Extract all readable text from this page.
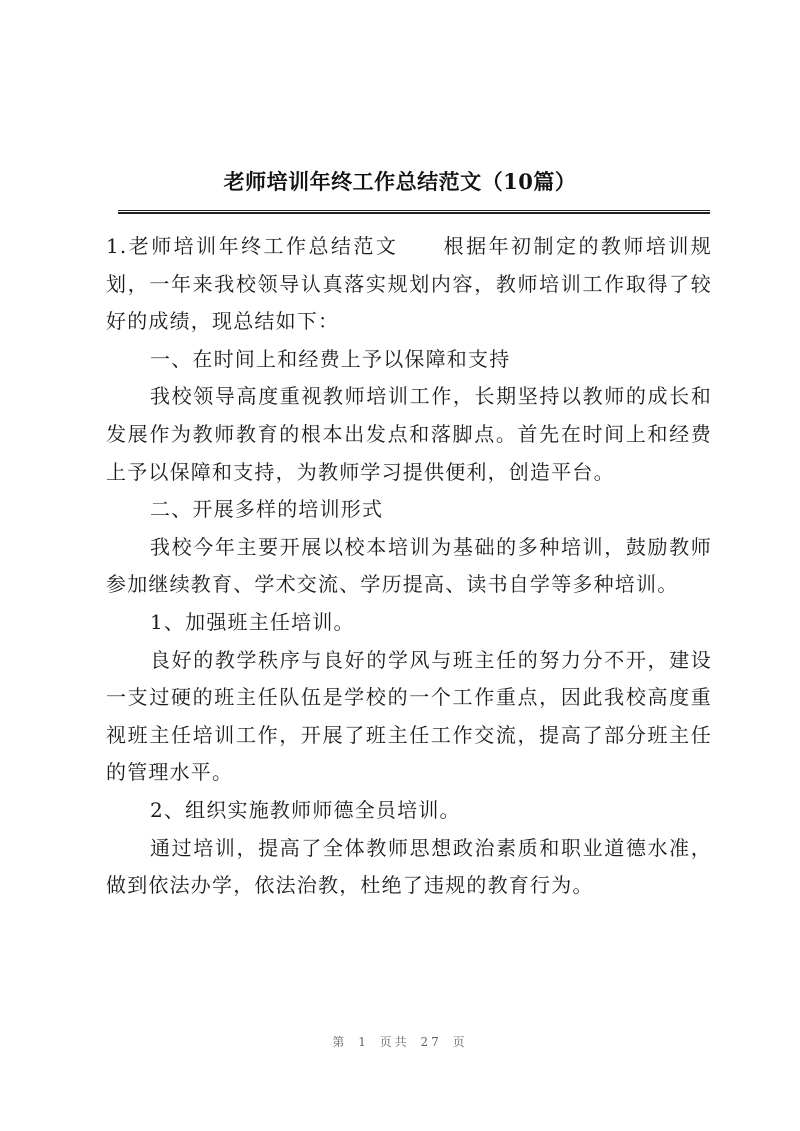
老师培训年终工作总结范文（10篇）

1.老师培训年终工作总结范文 根据年初制定的教师培训规划，一年来我校领导认真落实规划内容，教师培训工作取得了较好的成绩，现总结如下：

一、在时间上和经费上予以保障和支持

我校领导高度重视教师培训工作，长期坚持以教师的成长和发展作为教师教育的根本出发点和落脚点。首先在时间上和经费上予以保障和支持，为教师学习提供便利，创造平台。

二、开展多样的培训形式

我校今年主要开展以校本培训为基础的多种培训，鼓励教师参加继续教育、学术交流、学历提高、读书自学等多种培训。

1、加强班主任培训。

良好的教学秩序与良好的学风与班主任的努力分不开，建设一支过硬的班主任队伍是学校的一个工作重点，因此我校高度重视班主任培训工作，开展了班主任工作交流，提高了部分班主任的管理水平。

2、组织实施教师师德全员培训。

通过培训，提高了全体教师思想政治素质和职业道德水准，做到依法办学，依法治教，杜绝了违规的教育行为。

第 1 页共 27 页
